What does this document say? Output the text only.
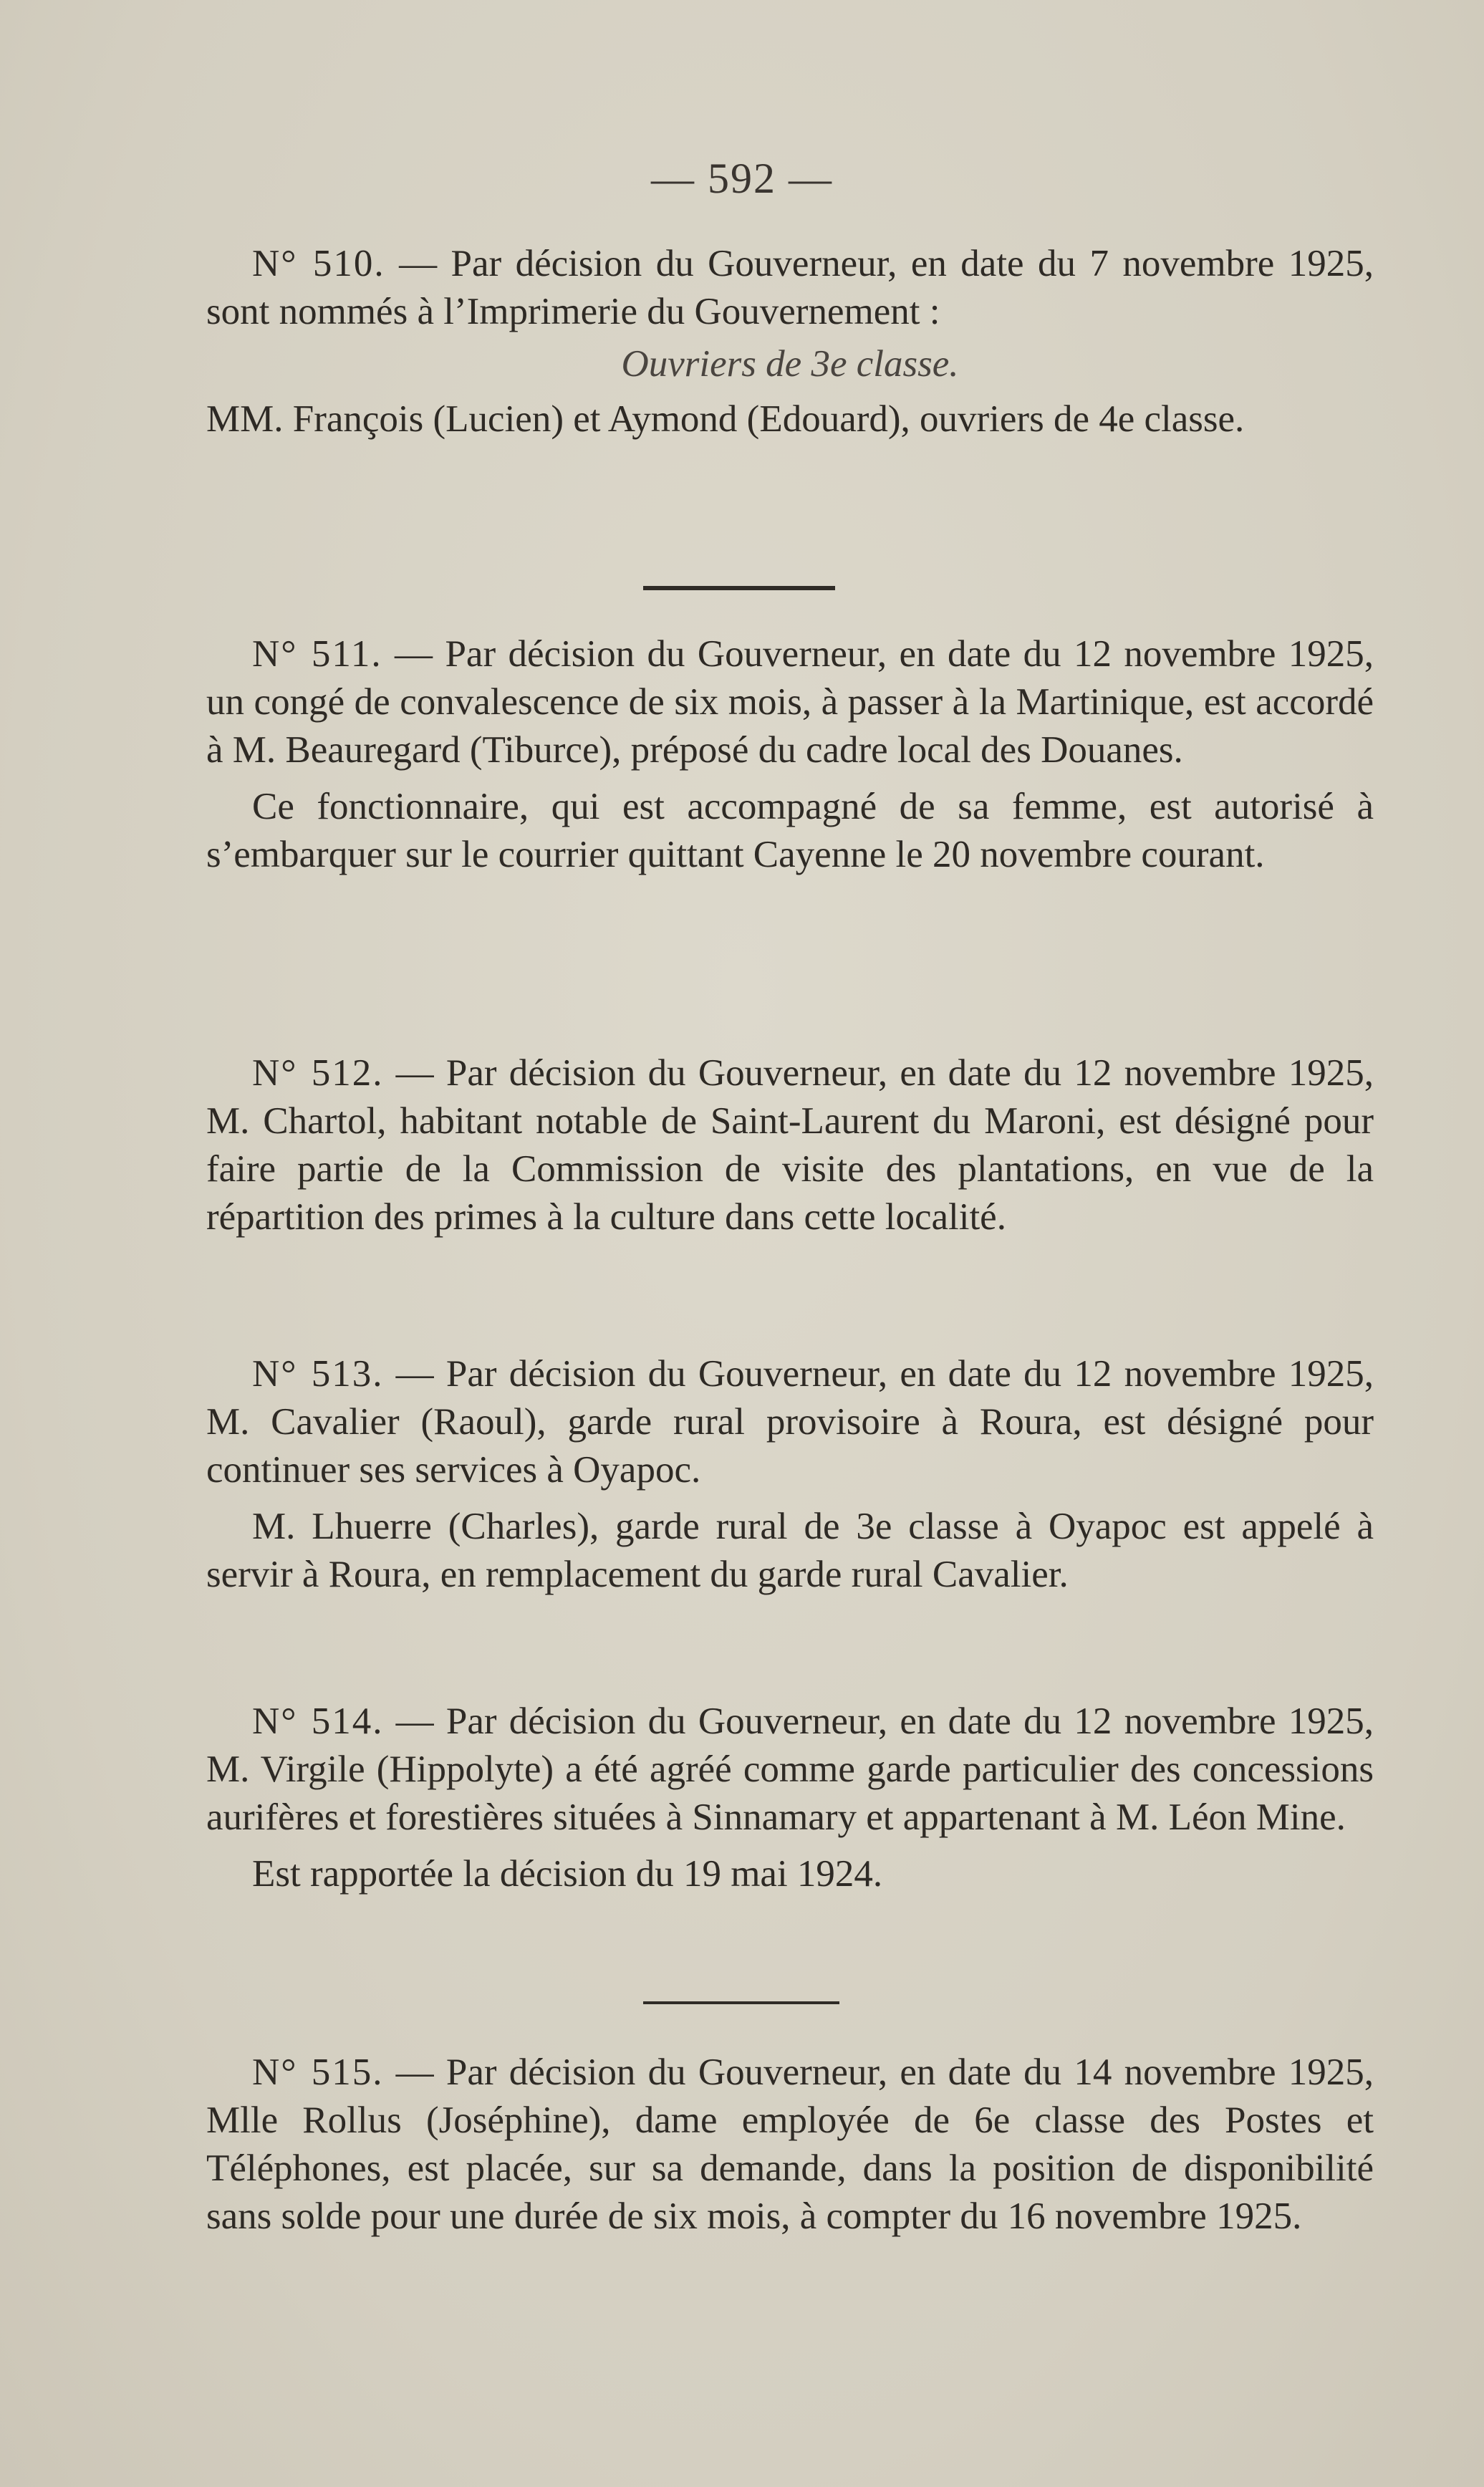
— 592 —

N° 510. — Par décision du Gouverneur, en date du 7 novembre 1925, sont nommés à l’Imprimerie du Gouvernement :

Ouvriers de 3e classe.

MM. François (Lucien) et Aymond (Edouard), ouvriers de 4e classe.

N° 511. — Par décision du Gouverneur, en date du 12 novembre 1925, un congé de convalescence de six mois, à passer à la Martinique, est accordé à M. Beauregard (Tiburce), préposé du cadre local des Douanes.

Ce fonctionnaire, qui est accompagné de sa femme, est autorisé à s’embarquer sur le courrier quittant Cayenne le 20 novembre courant.

N° 512. — Par décision du Gouverneur, en date du 12 novembre 1925, M. Chartol, habitant notable de Saint-Laurent du Maroni, est désigné pour faire partie de la Commission de visite des plantations, en vue de la répartition des primes à la culture dans cette localité.

N° 513. — Par décision du Gouverneur, en date du 12 novembre 1925, M. Cavalier (Raoul), garde rural provisoire à Roura, est désigné pour continuer ses services à Oyapoc.

M. Lhuerre (Charles), garde rural de 3e classe à Oyapoc est appelé à servir à Roura, en remplacement du garde rural Cavalier.

N° 514. — Par décision du Gouverneur, en date du 12 novembre 1925, M. Virgile (Hippolyte) a été agréé comme garde particulier des concessions aurifères et forestières situées à Sinnamary et appartenant à M. Léon Mine.

Est rapportée la décision du 19 mai 1924.

N° 515. — Par décision du Gouverneur, en date du 14 novembre 1925, Mlle Rollus (Joséphine), dame employée de 6e classe des Postes et Téléphones, est placée, sur sa demande, dans la position de disponibilité sans solde pour une durée de six mois, à compter du 16 novembre 1925.
